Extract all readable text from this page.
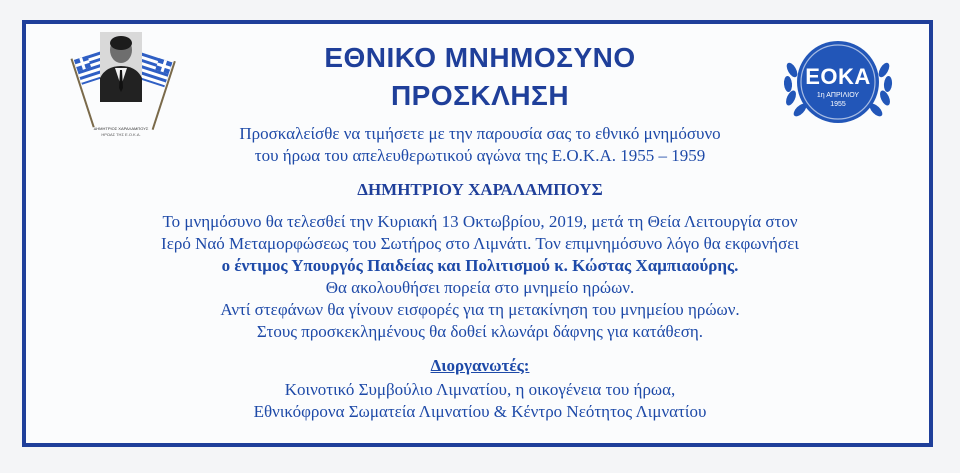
ΔΗΜΗΤΡΙΟΣ ΧΑΡΑΛΑΜΠΟΥΣ
ΗΡΩΑΣ ΤΗΣ Ε.Ο.Κ.Α.
ΕΟΚΑ
1η ΑΠΡΙΛΙΟΥ
1955
ΕΘΝΙΚΟ ΜΝΗΜΟΣΥΝΟ
ΠΡΟΣΚΛΗΣΗ
Προσκαλείσθε να τιμήσετε με την παρουσία σας το εθνικό μνημόσυνο
του ήρωα του απελευθερωτικού αγώνα της Ε.Ο.Κ.Α. 1955 – 1959
ΔΗΜΗΤΡΙΟΥ ΧΑΡΑΛΑΜΠΟΥΣ
Το μνημόσυνο θα τελεσθεί την Κυριακή 13 Οκτωβρίου, 2019, μετά τη Θεία Λειτουργία στον
Ιερό Ναό Μεταμορφώσεως του Σωτήρος στο Λιμνάτι. Τον επιμνημόσυνο λόγο θα εκφωνήσει
ο έντιμος Υπουργός Παιδείας και Πολιτισμού κ. Κώστας Χαμπιαούρης.
Θα ακολουθήσει πορεία στο μνημείο ηρώων.
Αντί στεφάνων θα γίνουν εισφορές για τη μετακίνηση του μνημείου ηρώων.
Στους προσκεκλημένους θα δοθεί κλωνάρι δάφνης για κατάθεση.
Διοργανωτές:
Κοινοτικό Συμβούλιο Λιμνατίου, η οικογένεια του ήρωα,
Εθνικόφρονα Σωματεία Λιμνατίου & Κέντρο Νεότητος Λιμνατίου
